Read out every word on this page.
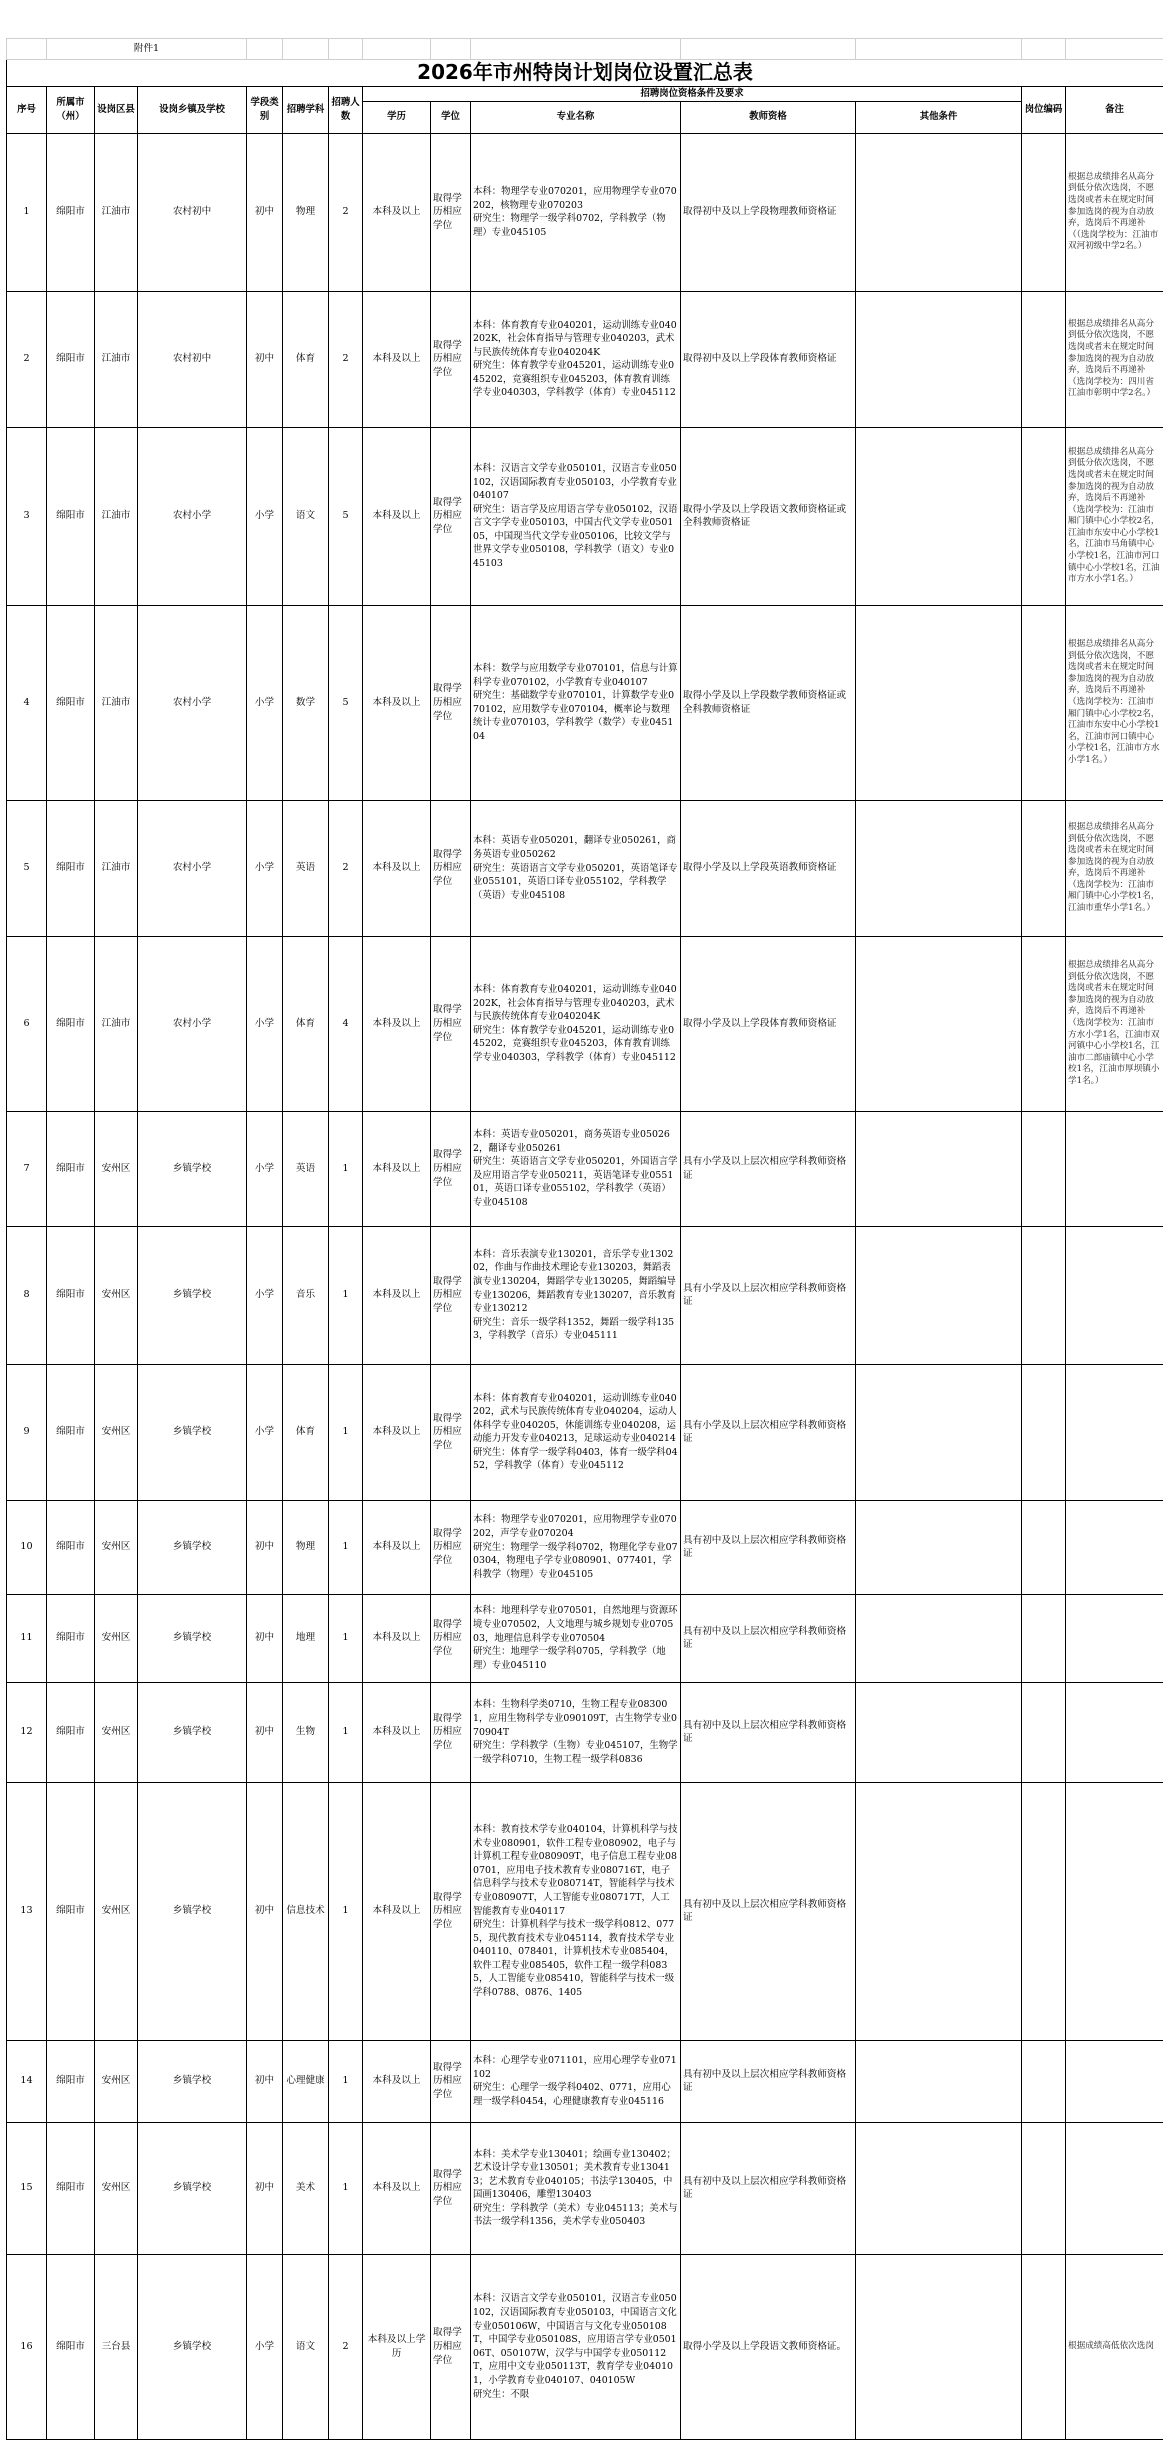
	附件1												
2026年市州特岗计划岗位设置汇总表													
序号	所属市（州）	设岗区县	设岗乡镇及学校	学段类别	招聘学科	招聘人数	招聘岗位资格条件及要求					岗位编码	备注
							学历	学位	专业名称	教师资格	其他条件		
1	绵阳市	江油市	农村初中	初中	物理	2	本科及以上	取得学历相应学位	本科：物理学专业070201，应用物理学专业070202，核物理专业070203
研究生：物理学一级学科0702，学科教学（物理）专业045105	取得初中及以上学段物理教师资格证			根据总成绩排名从高分到低分依次选岗，不愿选岗或者未在规定时间参加选岗的视为自动放弃，选岗后不再递补（（选岗学校为：江油市双河初级中学2名。）
2	绵阳市	江油市	农村初中	初中	体育	2	本科及以上	取得学历相应学位	本科：体育教育专业040201，运动训练专业040202K，社会体育指导与管理专业040203，武术与民族传统体育专业040204K
研究生：体育教学专业045201，运动训练专业045202，竞赛组织专业045203，体育教育训练学专业040303，学科教学（体育）专业045112	取得初中及以上学段体育教师资格证			根据总成绩排名从高分到低分依次选岗，不愿选岗或者未在规定时间参加选岗的视为自动放弃，选岗后不再递补（选岗学校为：四川省江油市彰明中学2名。）
3	绵阳市	江油市	农村小学	小学	语文	5	本科及以上	取得学历相应学位	本科：汉语言文学专业050101，汉语言专业050102，汉语国际教育专业050103，小学教育专业040107
研究生：语言学及应用语言学专业050102，汉语言文字学专业050103，中国古代文学专业050105，中国现当代文学专业050106，比较文学与世界文学专业050108，学科教学（语文）专业045103	取得小学及以上学段语文教师资格证或全科教师资格证			根据总成绩排名从高分到低分依次选岗，不愿选岗或者未在规定时间参加选岗的视为自动放弃，选岗后不再递补（选岗学校为：江油市厢门镇中心小学校2名，江油市东安中心小学校1名，江油市马角镇中心小学校1名，江油市河口镇中心小学校1名，江油市方水小学1名。）
4	绵阳市	江油市	农村小学	小学	数学	5	本科及以上	取得学历相应学位	本科：数学与应用数学专业070101，信息与计算科学专业070102，小学教育专业040107
研究生：基础数学专业070101，计算数学专业070102，应用数学专业070104，概率论与数理统计专业070103，学科教学（数学）专业045104	取得小学及以上学段数学教师资格证或全科教师资格证			根据总成绩排名从高分到低分依次选岗，不愿选岗或者未在规定时间参加选岗的视为自动放弃，选岗后不再递补（选岗学校为：江油市厢门镇中心小学校2名，江油市东安中心小学校1名，江油市河口镇中心小学校1名，江油市方水小学1名。）
5	绵阳市	江油市	农村小学	小学	英语	2	本科及以上	取得学历相应学位	本科：英语专业050201，翻译专业050261，商务英语专业050262
研究生：英语语言文学专业050201，英语笔译专业055101，英语口译专业055102，学科教学（英语）专业045108	取得小学及以上学段英语教师资格证			根据总成绩排名从高分到低分依次选岗，不愿选岗或者未在规定时间参加选岗的视为自动放弃，选岗后不再递补（选岗学校为：江油市厢门镇中心小学校1名，江油市重华小学1名。）
6	绵阳市	江油市	农村小学	小学	体育	4	本科及以上	取得学历相应学位	本科：体育教育专业040201，运动训练专业040202K，社会体育指导与管理专业040203，武术与民族传统体育专业040204K
研究生：体育教学专业045201，运动训练专业045202，竞赛组织专业045203，体育教育训练学专业040303，学科教学（体育）专业045112	取得小学及以上学段体育教师资格证			根据总成绩排名从高分到低分依次选岗，不愿选岗或者未在规定时间参加选岗的视为自动放弃，选岗后不再递补（选岗学校为：江油市方水小学1名，江油市双河镇中心小学校1名，江油市二郎庙镇中心小学校1名，江油市厚坝镇小学1名。）
7	绵阳市	安州区	乡镇学校	小学	英语	1	本科及以上	取得学历相应学位	本科：英语专业050201，商务英语专业050262，翻译专业050261
研究生：英语语言文学专业050201，外国语言学及应用语言学专业050211，英语笔译专业055101，英语口译专业055102，学科教学（英语）专业045108	具有小学及以上层次相应学科教师资格证			
8	绵阳市	安州区	乡镇学校	小学	音乐	1	本科及以上	取得学历相应学位	本科：音乐表演专业130201，音乐学专业130202，作曲与作曲技术理论专业130203，舞蹈表演专业130204，舞蹈学专业130205，舞蹈编导专业130206，舞蹈教育专业130207，音乐教育专业130212
研究生：音乐一级学科1352，舞蹈一级学科1353，学科教学（音乐）专业045111	具有小学及以上层次相应学科教师资格证			
9	绵阳市	安州区	乡镇学校	小学	体育	1	本科及以上	取得学历相应学位	本科：体育教育专业040201，运动训练专业040202，武术与民族传统体育专业040204，运动人体科学专业040205，休能训练专业040208，运动能力开发专业040213，足球运动专业040214
研究生：体育学一级学科0403，体育一级学科0452，学科教学（体育）专业045112	具有小学及以上层次相应学科教师资格证			
10	绵阳市	安州区	乡镇学校	初中	物理	1	本科及以上	取得学历相应学位	本科：物理学专业070201，应用物理学专业070202，声学专业070204
研究生：物理学一级学科0702，物理化学专业070304，物理电子学专业080901、077401，学科教学（物理）专业045105	具有初中及以上层次相应学科教师资格证			
11	绵阳市	安州区	乡镇学校	初中	地理	1	本科及以上	取得学历相应学位	本科：地理科学专业070501，自然地理与资源环境专业070502，人文地理与城乡规划专业070503，地理信息科学专业070504
研究生：地理学一级学科0705，学科教学（地理）专业045110	具有初中及以上层次相应学科教师资格证			
12	绵阳市	安州区	乡镇学校	初中	生物	1	本科及以上	取得学历相应学位	本科：生物科学类0710，生物工程专业083001，应用生物科学专业090109T，古生物学专业070904T
研究生：学科教学（生物）专业045107，生物学一级学科0710，生物工程一级学科0836	具有初中及以上层次相应学科教师资格证			
13	绵阳市	安州区	乡镇学校	初中	信息技术	1	本科及以上	取得学历相应学位	本科：教育技术学专业040104，计算机科学与技术专业080901，软件工程专业080902，电子与计算机工程专业080909T，电子信息工程专业080701，应用电子技术教育专业080716T，电子信息科学与技术专业080714T，智能科学与技术专业080907T，人工智能专业080717T，人工智能教育专业040117
研究生：计算机科学与技术一级学科0812、0775，现代教育技术专业045114，教育技术学专业040110、078401，计算机技术专业085404，软件工程专业085405，软件工程一级学科0835，人工智能专业085410，智能科学与技术一级学科0788、0876、1405	具有初中及以上层次相应学科教师资格证			
14	绵阳市	安州区	乡镇学校	初中	心理健康	1	本科及以上	取得学历相应学位	本科：心理学专业071101，应用心理学专业071102
研究生：心理学一级学科0402、0771，应用心理一级学科0454，心理健康教育专业045116	具有初中及以上层次相应学科教师资格证			
15	绵阳市	安州区	乡镇学校	初中	美术	1	本科及以上	取得学历相应学位	本科：美术学专业130401；绘画专业130402；艺术设计学专业130501；美术教育专业130413；艺术教育专业040105；书法学130405，中国画130406，雕塑130403
研究生：学科教学（美术）专业045113；美术与书法一级学科1356，美术学专业050403	具有初中及以上层次相应学科教师资格证			
16	绵阳市	三台县	乡镇学校	小学	语文	2	本科及以上学历	取得学历相应学位	本科：汉语言文学专业050101，汉语言专业050102，汉语国际教育专业050103，中国语言文化专业050106W，中国语言与文化专业050108T，中国学专业050108S，应用语言学专业050106T、050107W，汉学与中国学专业050112T，应用中文专业050113T，教育学专业040101，小学教育专业040107、040105W
研究生：不限	取得小学及以上学段语文教师资格证。			根据成绩高低依次选岗
